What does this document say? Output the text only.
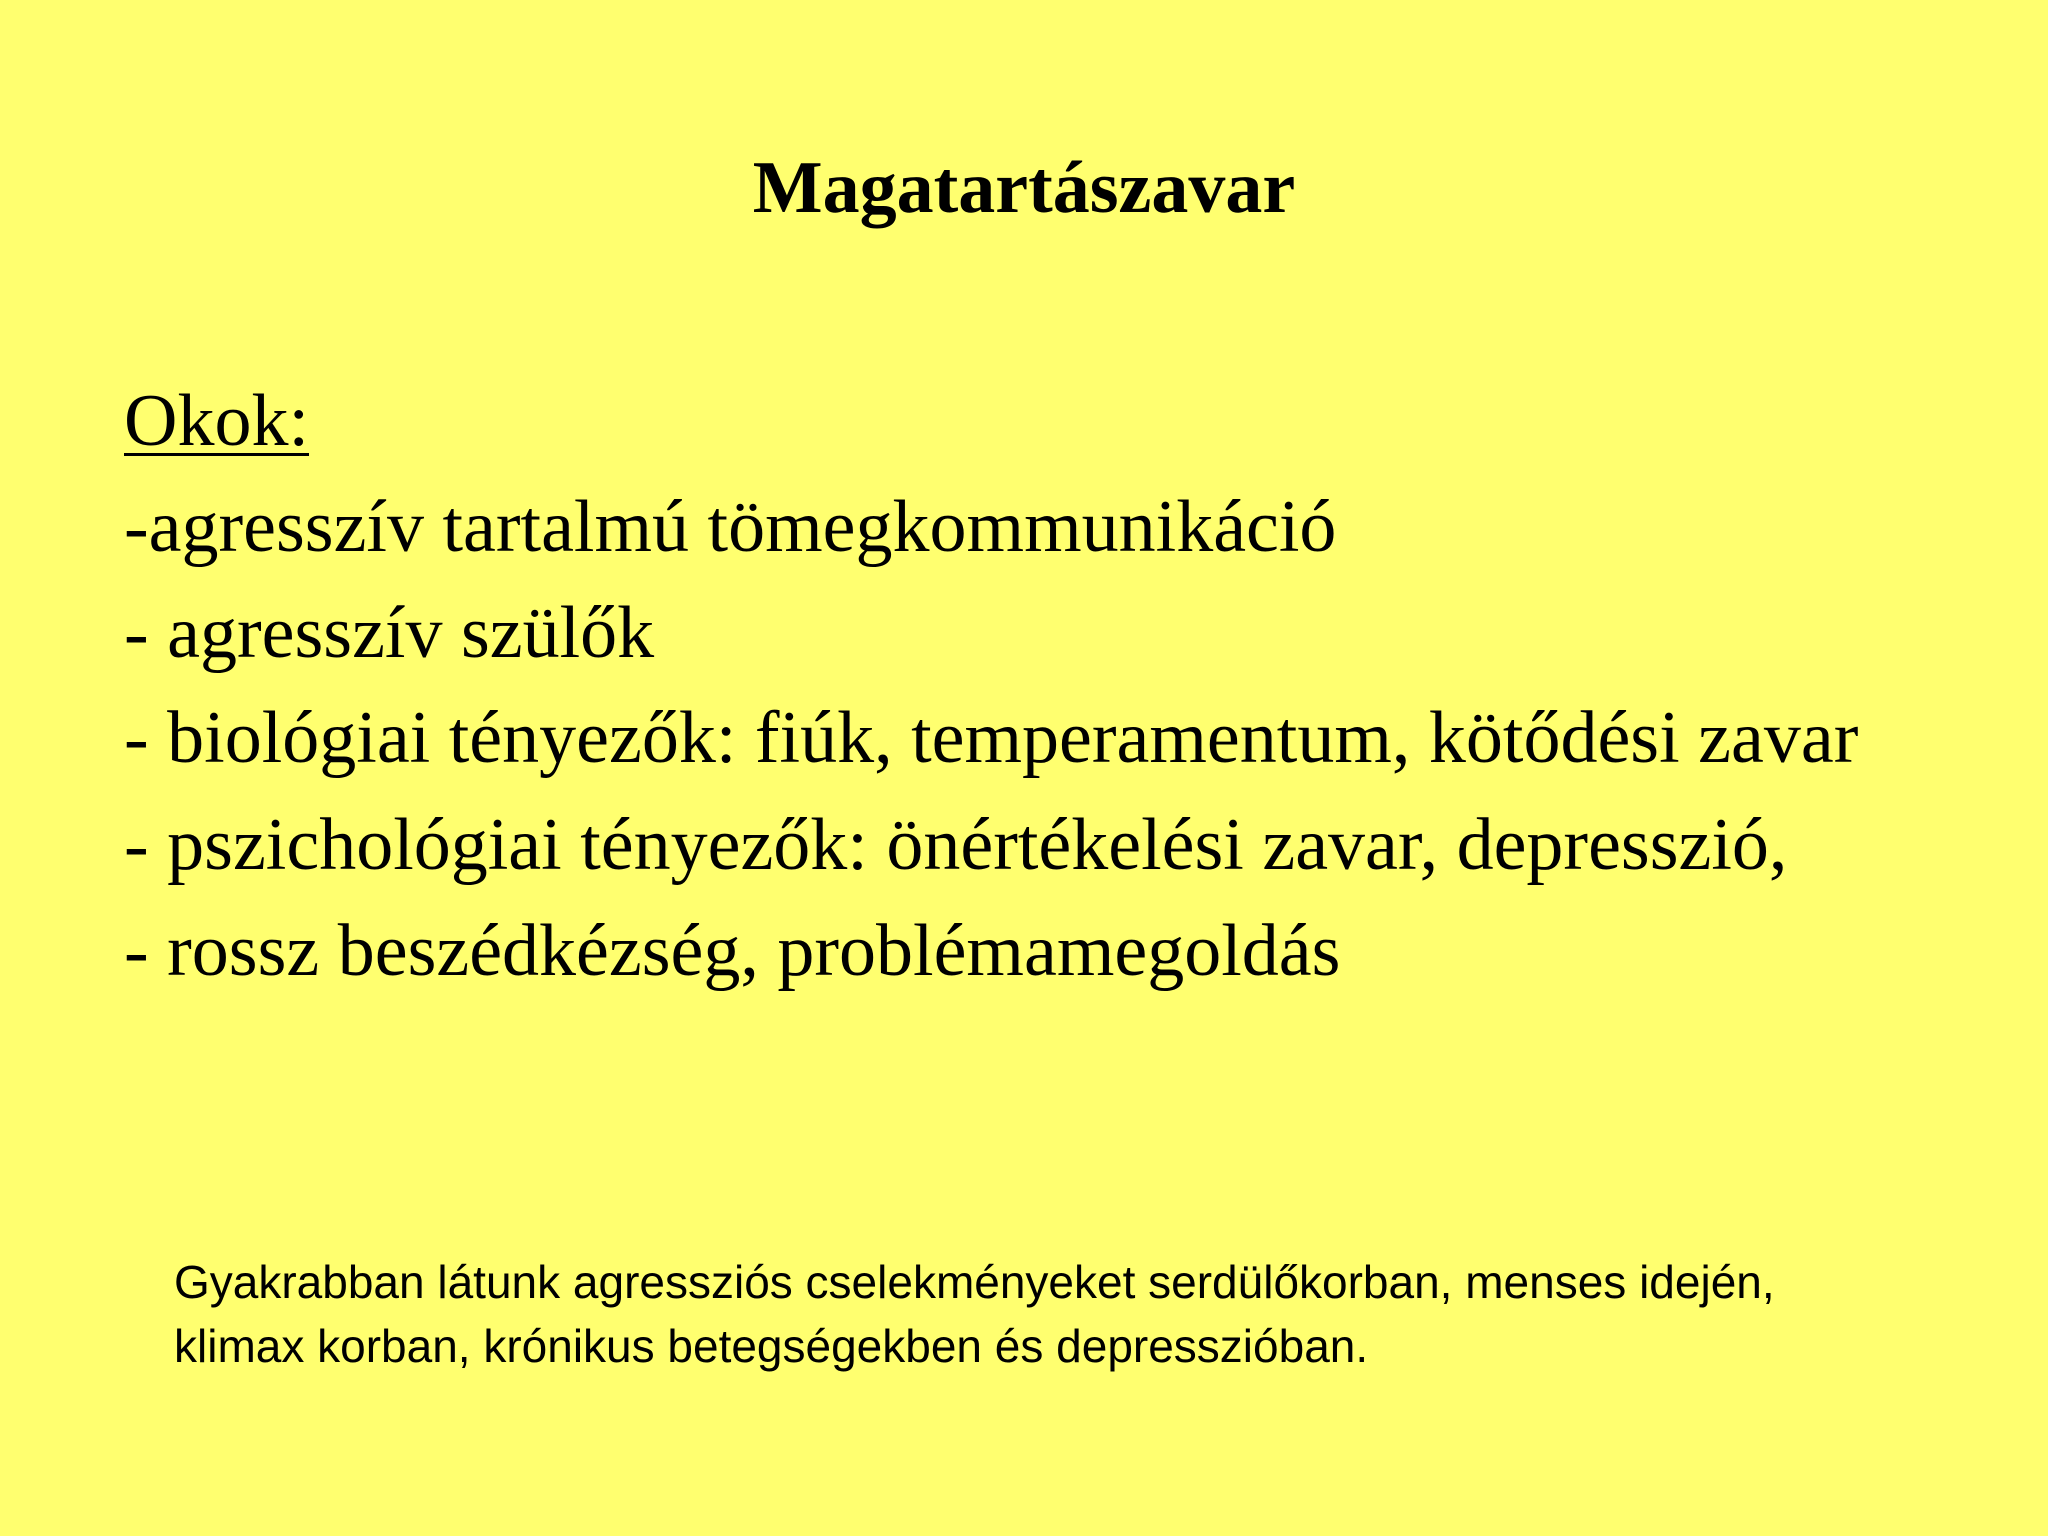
Magatartászavar

Okok:

-agresszív tartalmú tömegkommunikáció
- agresszív szülők
- biológiai tényezők: fiúk, temperamentum, kötődési zavar
- pszichológiai tényezők: önértékelési zavar, depresszió,
- rossz beszédkézség, problémamegoldás

Gyakrabban látunk agressziós cselekményeket serdülőkorban, menses idején, klimax korban, krónikus betegségekben és depresszióban.
